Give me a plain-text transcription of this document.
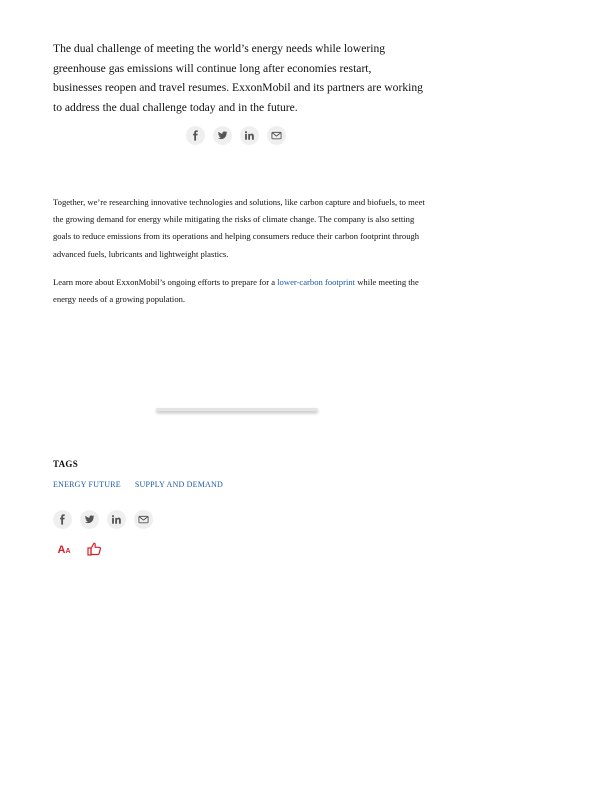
The dual challenge of meeting the world’s energy needs while lowering greenhouse gas emissions will continue long after economies restart, businesses reopen and travel resumes. ExxonMobil and its partners are working to address the dual challenge today and in the future.

Together, we’re researching innovative technologies and solutions, like carbon capture and biofuels, to meet the growing demand for energy while mitigating the risks of climate change. The company is also setting goals to reduce emissions from its operations and helping consumers reduce their carbon footprint through advanced fuels, lubricants and lightweight plastics.

Learn more about ExxonMobil’s ongoing efforts to prepare for a lower-carbon footprint while meeting the energy needs of a growing population.

TAGS
ENERGY FUTURE SUPPLY AND DEMAND
AA
